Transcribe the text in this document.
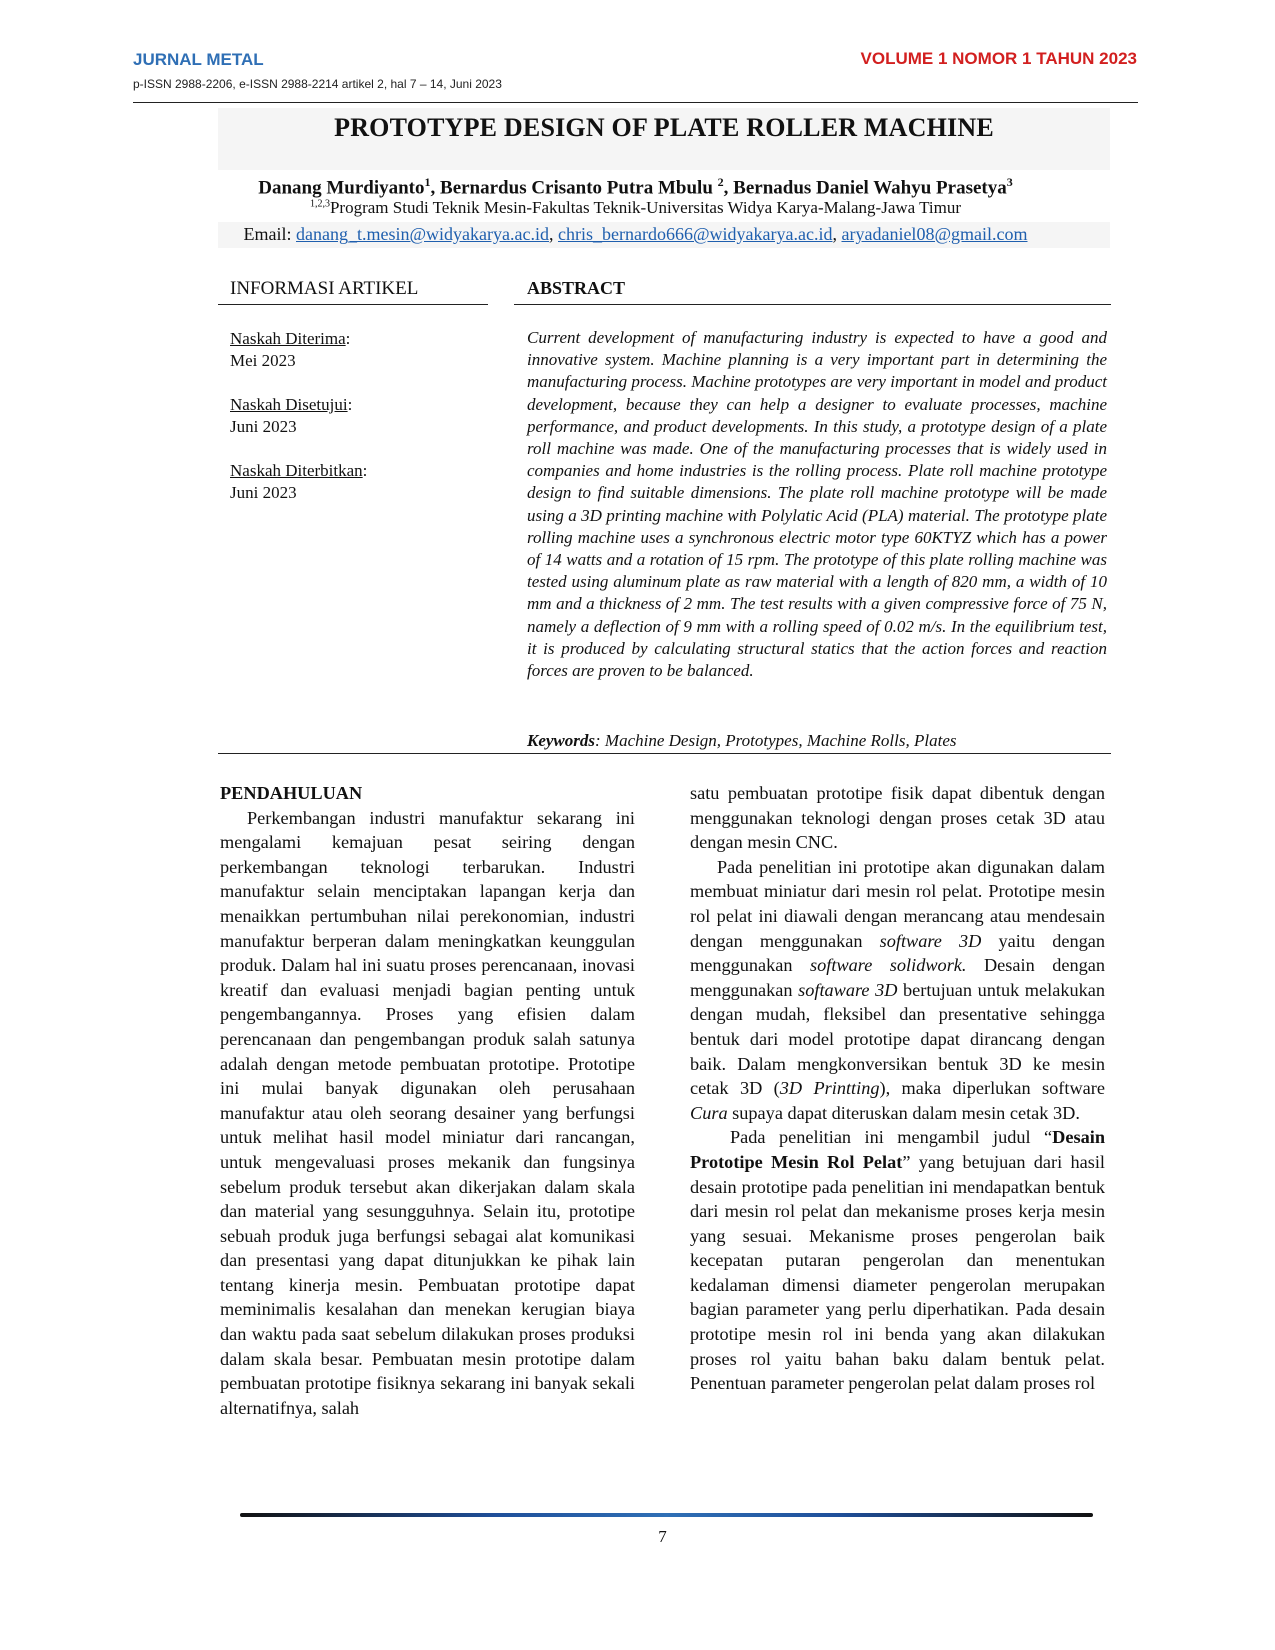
JURNAL METAL	VOLUME 1 NOMOR 1 TAHUN 2023
p-ISSN 2988-2206, e-ISSN 2988-2214 artikel 2, hal 7 – 14, Juni 2023
PROTOTYPE DESIGN OF PLATE ROLLER MACHINE
Danang Murdiyanto$^1$, Bernardus Crisanto Putra Mbulu $^2$, Bernadus Daniel Wahyu Prasetya$^3$
$^{1,2,3}$Program Studi Teknik Mesin-Fakultas Teknik-Universitas Widya Karya-Malang-Jawa Timur
Email: danang_t.mesin@widyakarya.ac.id, chris_bernardo666@widyakarya.ac.id, aryadaniel08@gmail.com
INFORMASI ARTIKEL	ABSTRACT
Naskah Diterima:
Mei 2023
Naskah Disetujui:
Juni 2023
Naskah Diterbitkan:
Juni 2023

Current development of manufacturing industry is expected to have a good and innovative system. Machine planning is a very important part in determining the manufacturing process. Machine prototypes are very important in model and product development, because they can help a designer to evaluate processes, machine performance, and product developments. In this study, a prototype design of a plate roll machine was made. One of the manufacturing processes that is widely used in companies and home industries is the rolling process. Plate roll machine prototype design to find suitable dimensions. The plate roll machine prototype will be made using a 3D printing machine with Polylatic Acid (PLA) material. The prototype plate rolling machine uses a synchronous electric motor type 60KTYZ which has a power of 14 watts and a rotation of 15 rpm. The prototype of this plate rolling machine was tested using aluminum plate as raw material with a length of 820 mm, a width of 10 mm and a thickness of 2 mm. The test results with a given compressive force of 75 N, namely a deflection of 9 mm with a rolling speed of 0.02 m/s. In the equilibrium test, it is produced by calculating structural statics that the action forces and reaction forces are proven to be balanced.

Keywords: Machine Design, Prototypes, Machine Rolls, Plates

PENDAHULUAN

Perkembangan industri manufaktur sekarang ini mengalami kemajuan pesat seiring dengan perkembangan teknologi terbarukan. Industri manufaktur selain menciptakan lapangan kerja dan menaikkan pertumbuhan nilai perekonomian, industri manufaktur berperan dalam meningkatkan keunggulan produk. Dalam hal ini suatu proses perencanaan, inovasi kreatif dan evaluasi menjadi bagian penting untuk pengembangannya. Proses yang efisien dalam perencanaan dan pengembangan produk salah satunya adalah dengan metode pembuatan prototipe. Prototipe ini mulai banyak digunakan oleh perusahaan manufaktur atau oleh seorang desainer yang berfungsi untuk melihat hasil model miniatur dari rancangan, untuk mengevaluasi proses mekanik dan fungsinya sebelum produk tersebut akan dikerjakan dalam skala dan material yang sesungguhnya. Selain itu, prototipe sebuah produk juga berfungsi sebagai alat komunikasi dan presentasi yang dapat ditunjukkan ke pihak lain tentang kinerja mesin. Pembuatan prototipe dapat meminimalis kesalahan dan menekan kerugian biaya dan waktu pada saat sebelum dilakukan proses produksi dalam skala besar. Pembuatan mesin prototipe dalam pembuatan prototipe fisiknya sekarang ini banyak sekali alternatifnya, salah

satu pembuatan prototipe fisik dapat dibentuk dengan menggunakan teknologi dengan proses cetak 3D atau dengan mesin CNC.

Pada penelitian ini prototipe akan digunakan dalam membuat miniatur dari mesin rol pelat. Prototipe mesin rol pelat ini diawali dengan merancang atau mendesain dengan menggunakan software 3D yaitu dengan menggunakan software solidwork. Desain dengan menggunakan softaware 3D bertujuan untuk melakukan dengan mudah, fleksibel dan presentative sehingga bentuk dari model prototipe dapat dirancang dengan baik. Dalam mengkonversikan bentuk 3D ke mesin cetak 3D (3D Printting), maka diperlukan software Cura supaya dapat diteruskan dalam mesin cetak 3D.

Pada penelitian ini mengambil judul “Desain Prototipe Mesin Rol Pelat” yang betujuan dari hasil desain prototipe pada penelitian ini mendapatkan bentuk dari mesin rol pelat dan mekanisme proses kerja mesin yang sesuai. Mekanisme proses pengerolan baik kecepatan putaran pengerolan dan menentukan kedalaman dimensi diameter pengerolan merupakan bagian parameter yang perlu diperhatikan. Pada desain prototipe mesin rol ini benda yang akan dilakukan proses rol yaitu bahan baku dalam bentuk pelat. Penentuan parameter pengerolan pelat dalam proses rol

7
